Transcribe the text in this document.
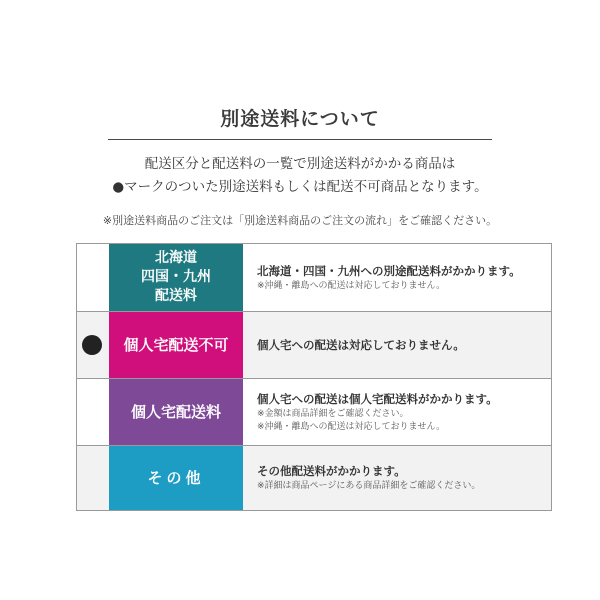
別途送料について
配送区分と配送料の一覧で別途送料がかかる商品は
●マークのついた別途送料もしくは配送不可商品となります。
※別途送料商品のご注文は「別途送料商品のご注文の流れ」をご確認ください。
北海道
四国・九州
配送料
北海道・四国・九州への別途配送料がかかります。
※沖縄・離島への配送は対応しておりません。
個人宅配送不可	個人宅への配送は対応しておりません。
個人宅配送料
個人宅への配送は個人宅配送料がかかります。
※金額は商品詳細をご確認ください。
※沖縄・離島への配送は対応しておりません。
その他	その他配送料がかかります。
※詳細は商品ページにある商品詳細をご確認ください。
